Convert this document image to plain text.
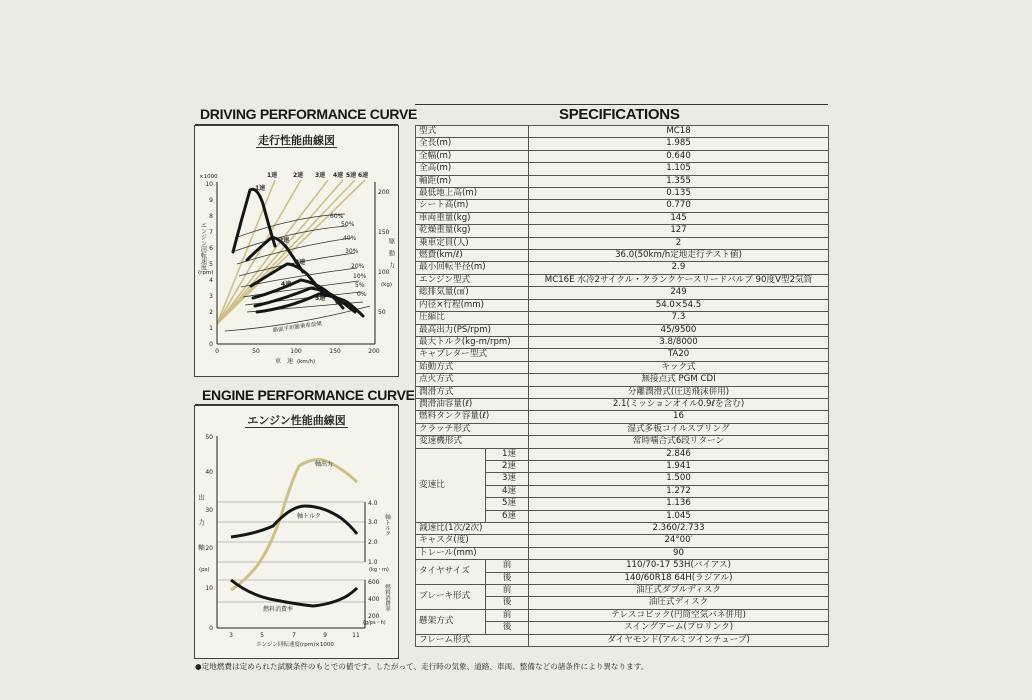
DRIVING PERFORMANCE CURVE
走行性能曲線図
0
1
2
3
4
5
6
7
8
9
10
×1000
エンジン回転速度
(rpm)
0	50	100	150	200
車　速 (km/h)
200
150
100
50
駆　動　力
(kg)
1速	2速 3速 4速 5速 6速
1速
2速
3速
4速
5速
6速
60%
50%
40%
30%
20%
10%
5%
0%
路面平坦勝乗車前傾
ENGINE PERFORMANCE CURVE
エンジン性能曲線図
0
10
20
30
40
50
出　力　軸
(ps)
3	5	7	9	11
エンジン回転速度(rpm)×1000
4.0
3.0
2.0
1.0
軸トルク
(kg・m)
600
400
200
燃料消費率
(g/ps・h)
軸出力
軸トルク
燃料消費率
SPECIFICATIONS
型式		MC18
全長(m)		1.985
全幅(m)		0.640
全高(m)		1.105
軸距(m)		1.355
最低地上高(m)		0.135
シート高(m)		0.770
車両重量(kg)		145
乾燥重量(kg)		127
乗車定員(人)		2
燃費(km/ℓ)		36.0(50km/h定地走行テスト値)
最小回転半径(m)		2.9
エンジン型式		MC16E 水冷2サイクル・クランクケースリードバルブ 90度V型2気筒
総排気量(㎤)		249
内径×行程(mm)		54.0×54.5
圧縮比		7.3
最高出力(PS/rpm)		45/9500
最大トルク(kg-m/rpm)		3.8/8000
キャブレター型式		TA20
始動方式		キック式
点火方式		無接点式 PGM CDI
潤滑方式		分離潤滑式(圧送飛沫併用)
潤滑油容量(ℓ)		2.1(ミッションオイル0.9ℓを含む)
燃料タンク容量(ℓ)		16
クラッチ形式		湿式多板コイルスプリング
変速機形式		常時噛合式6段リターン
変速比	1速	2.846
	2速	1.941
	3速	1.500
	4速	1.272
	5速	1.136
	6速	1.045
減速比(1次/2次)		2.360/2.733
キャスタ(度)		24°00′
トレール(mm)		90
タイヤサイズ	前	110/70-17 53H(バイアス)
	後	140/60R18 64H(ラジアル)
ブレーキ形式	前	油圧式ダブルディスク
	後	油圧式ディスク
懸架方式	前	テレスコピック(円筒空気バネ併用)
	後	スイングアーム(プロリンク)
フレーム形式		ダイヤモンド(アルミツインチューブ)
●定地燃費は定められた試験条件のもとでの値です。したがって、走行時の気象、道路、車両、整備などの諸条件により異なります。
